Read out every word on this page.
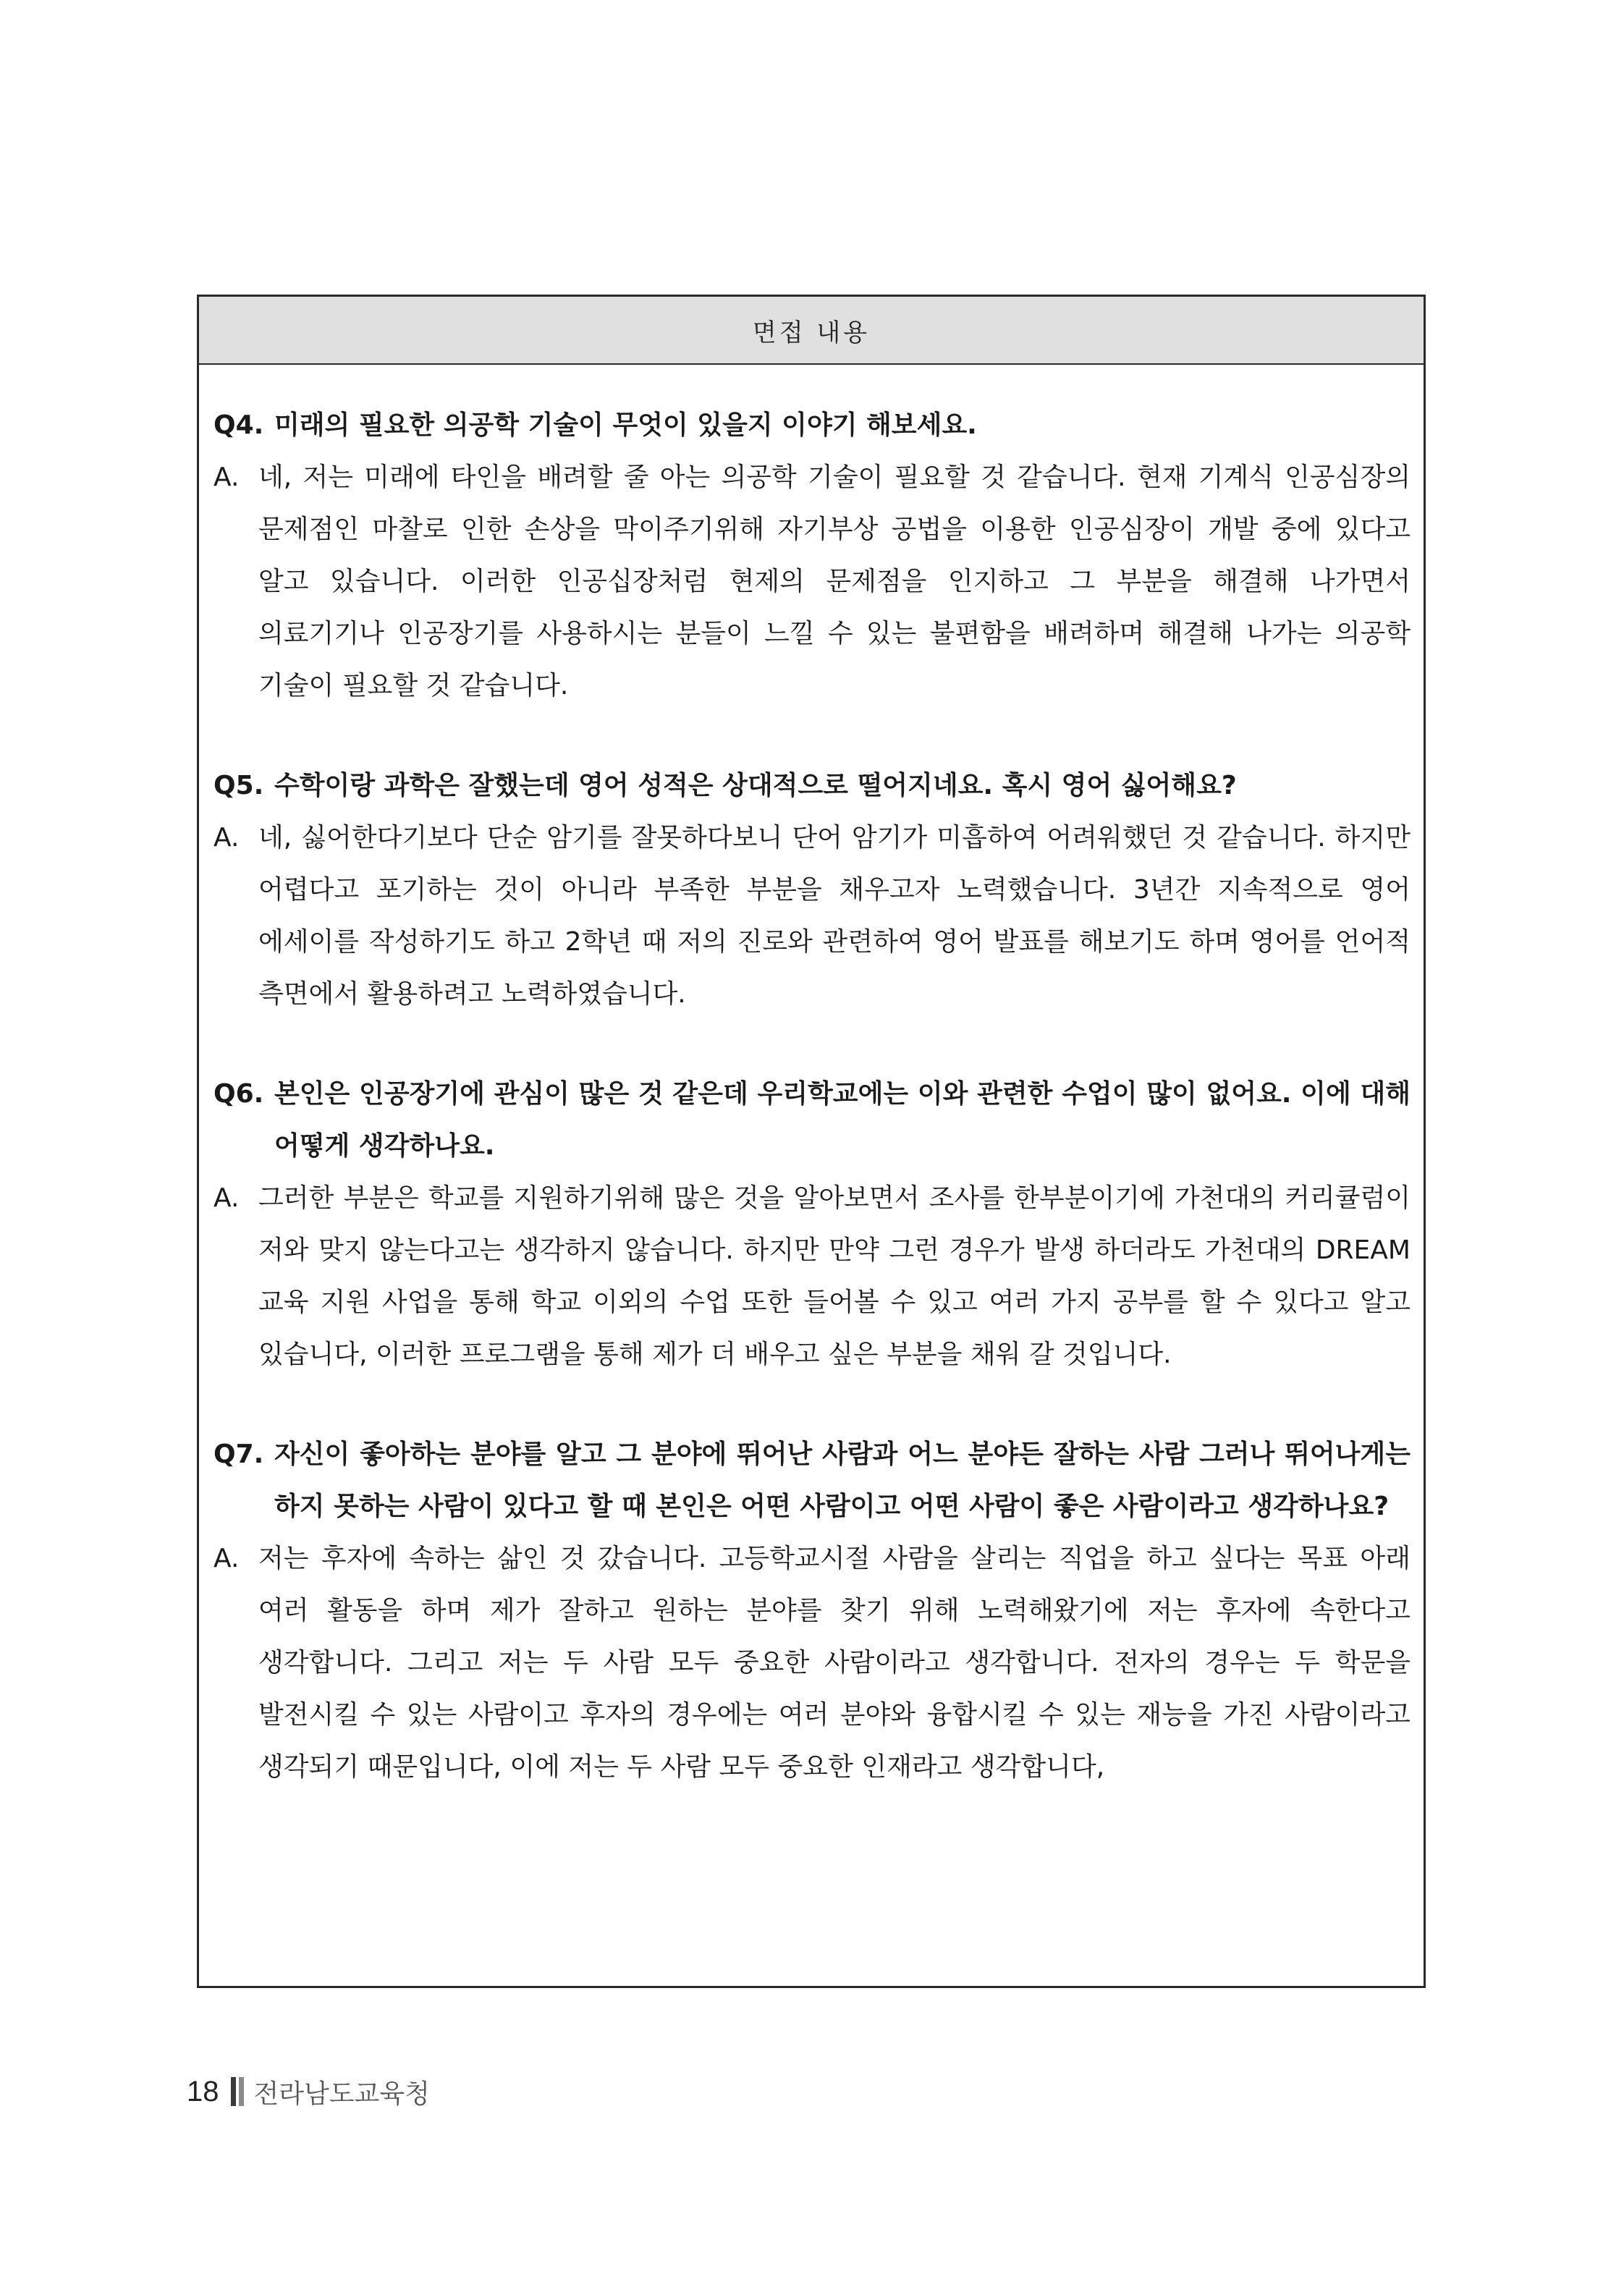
면접 내용
Q4. 미래의 필요한 의공학 기술이 무엇이 있을지 이야기 해보세요.
A. 네, 저는 미래에 타인을 배려할 줄 아는 의공학 기술이 필요할 것 같습니다. 현재 기계식 인공심장의 문제점인 마찰로 인한 손상을 막이주기위해 자기부상 공법을 이용한 인공심장이 개발 중에 있다고 알고 있습니다. 이러한 인공십장처럼 현제의 문제점을 인지하고 그 부분을 해결해 나가면서 의료기기나 인공장기를 사용하시는 분들이 느낄 수 있는 불편함을 배려하며 해결해 나가는 의공학 기술이 필요할 것 같습니다.
Q5. 수학이랑 과학은 잘했는데 영어 성적은 상대적으로 떨어지네요. 혹시 영어 싫어해요?
A. 네, 싫어한다기보다 단순 암기를 잘못하다보니 단어 암기가 미흡하여 어려워했던 것 같습니다. 하지만 어렵다고 포기하는 것이 아니라 부족한 부분을 채우고자 노력했습니다. 3년간 지속적으로 영어 에세이를 작성하기도 하고 2학년 때 저의 진로와 관련하여 영어 발표를 해보기도 하며 영어를 언어적 측면에서 활용하려고 노력하였습니다.
Q6. 본인은 인공장기에 관심이 많은 것 같은데 우리학교에는 이와 관련한 수업이 많이 없어요. 이에 대해 어떻게 생각하나요.
A. 그러한 부분은 학교를 지원하기위해 많은 것을 알아보면서 조사를 한부분이기에 가천대의 커리큘럼이 저와 맞지 않는다고는 생각하지 않습니다. 하지만 만약 그런 경우가 발생 하더라도 가천대의 DREAM 교육 지원 사업을 통해 학교 이외의 수업 또한 들어볼 수 있고 여러 가지 공부를 할 수 있다고 알고 있습니다, 이러한 프로그램을 통해 제가 더 배우고 싶은 부분을 채워 갈 것입니다.
Q7. 자신이 좋아하는 분야를 알고 그 분야에 뛰어난 사람과 어느 분야든 잘하는 사람 그러나 뛰어나게는 하지 못하는 사람이 있다고 할 때 본인은 어떤 사람이고 어떤 사람이 좋은 사람이라고 생각하나요?
A. 저는 후자에 속하는 삶인 것 갔습니다. 고등학교시절 사람을 살리는 직업을 하고 싶다는 목표 아래 여러 활동을 하며 제가 잘하고 원하는 분야를 찾기 위해 노력해왔기에 저는 후자에 속한다고 생각합니다. 그리고 저는 두 사람 모두 중요한 사람이라고 생각합니다. 전자의 경우는 두 학문을 발전시킬 수 있는 사람이고 후자의 경우에는 여러 분야와 융합시킬 수 있는 재능을 가진 사람이라고 생각되기 때문입니다, 이에 저는 두 사람 모두 중요한 인재라고 생각합니다,
18 전라남도교육청
